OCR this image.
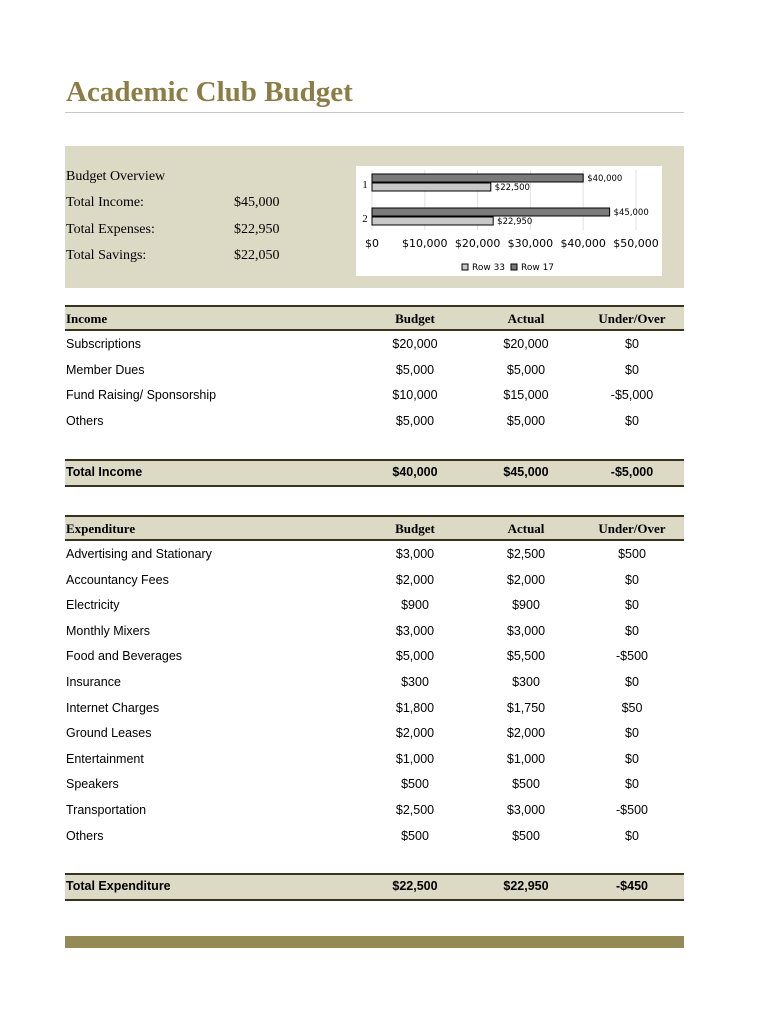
Academic Club Budget
Budget Overview
Total Income:	$45,000
Total Expenses:	$22,950
Total Savings:	$22,050
$0 $10,000 $20,000 $30,000 $40,000 $50,000
1	$40,000
$22,500
2	$45,000
$22,950
Row 33 Row 17
Income	Budget	Actual	Under/Over
Subscriptions	$20,000	$20,000	$0
Member Dues	$5,000	$5,000	$0
Fund Raising/ Sponsorship	$10,000	$15,000	-$5,000
Others	$5,000	$5,000	$0
Total Income	$40,000	$45,000	-$5,000
Expenditure	Budget	Actual	Under/Over
Advertising and Stationary	$3,000	$2,500	$500
Accountancy Fees	$2,000	$2,000	$0
Electricity	$900	$900	$0
Monthly Mixers	$3,000	$3,000	$0
Food and Beverages	$5,000	$5,500	-$500
Insurance	$300	$300	$0
Internet Charges	$1,800	$1,750	$50
Ground Leases	$2,000	$2,000	$0
Entertainment	$1,000	$1,000	$0
Speakers	$500	$500	$0
Transportation	$2,500	$3,000	-$500
Others	$500	$500	$0
Total Expenditure	$22,500	$22,950	-$450
